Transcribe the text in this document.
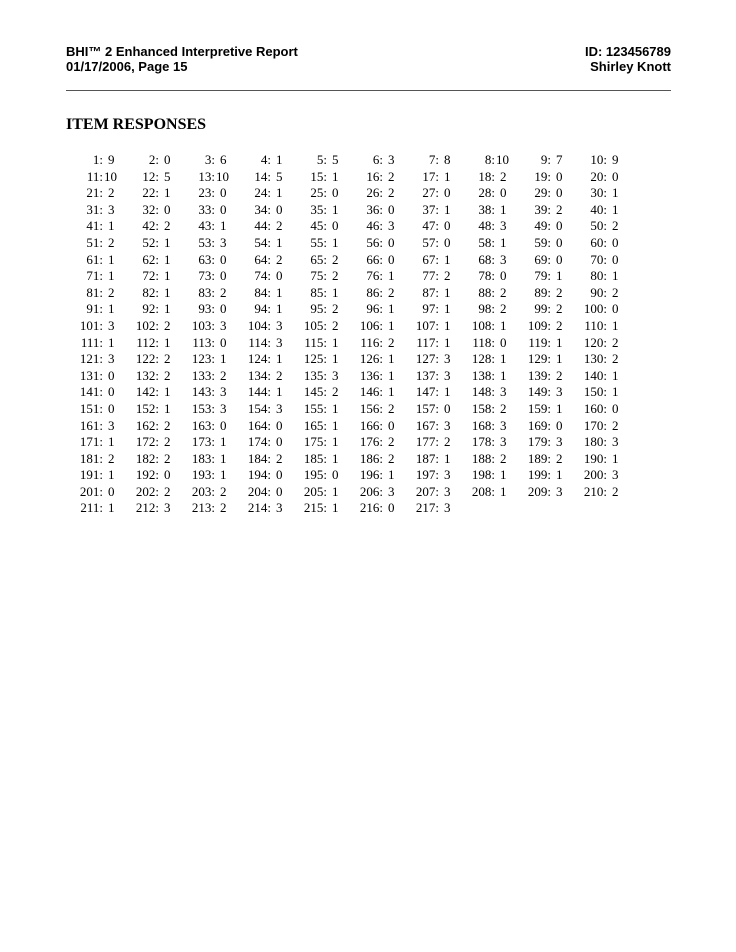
BHI™ 2 Enhanced Interpretive Report
01/17/2006, Page 15
ID: 123456789
Shirley Knott
ITEM RESPONSES
1: 9	2: 0	3: 6	4: 1	5: 5	6: 3	7: 8	8: 10 9: 7 10: 9
11: 10 12: 5 13: 10 14: 5 15: 1 16: 2 17: 1 18: 2 19: 0 20: 0
21: 2 22: 1 23: 0 24: 1 25: 0 26: 2 27: 0 28: 0 29: 0 30: 1
31: 3 32: 0 33: 0 34: 0 35: 1 36: 0 37: 1 38: 1 39: 2 40: 1
41: 1 42: 2 43: 1 44: 2 45: 0 46: 3 47: 0 48: 3 49: 0 50: 2
51: 2 52: 1 53: 3 54: 1 55: 1 56: 0 57: 0 58: 1 59: 0 60: 0
61: 1 62: 1 63: 0 64: 2 65: 2 66: 0 67: 1 68: 3 69: 0 70: 0
71: 1 72: 1 73: 0 74: 0 75: 2 76: 1 77: 2 78: 0 79: 1 80: 1
81: 2 82: 1 83: 2 84: 1 85: 1 86: 2 87: 1 88: 2 89: 2 90: 2
91: 1 92: 1 93: 0 94: 1 95: 2 96: 1 97: 1 98: 2 99: 2 100: 0
101: 3 102: 2 103: 3 104: 3 105: 2 106: 1 107: 1 108: 1 109: 2 110: 1
111: 1 112: 1 113: 0 114: 3 115: 1 116: 2 117: 1 118: 0 119: 1 120: 2
121: 3 122: 2 123: 1 124: 1 125: 1 126: 1 127: 3 128: 1 129: 1 130: 2
131: 0 132: 2 133: 2 134: 2 135: 3 136: 1 137: 3 138: 1 139: 2 140: 1
141: 0 142: 1 143: 3 144: 1 145: 2 146: 1 147: 1 148: 3 149: 3 150: 1
151: 0 152: 1 153: 3 154: 3 155: 1 156: 2 157: 0 158: 2 159: 1 160: 0
161: 3 162: 2 163: 0 164: 0 165: 1 166: 0 167: 3 168: 3 169: 0 170: 2
171: 1 172: 2 173: 1 174: 0 175: 1 176: 2 177: 2 178: 3 179: 3 180: 3
181: 2 182: 2 183: 1 184: 2 185: 1 186: 2 187: 1 188: 2 189: 2 190: 1
191: 1 192: 0 193: 1 194: 0 195: 0 196: 1 197: 3 198: 1 199: 1 200: 3
201: 0 202: 2 203: 2 204: 0 205: 1 206: 3 207: 3 208: 1 209: 3 210: 2
211: 1 212: 3 213: 2 214: 3 215: 1 216: 0 217: 3
